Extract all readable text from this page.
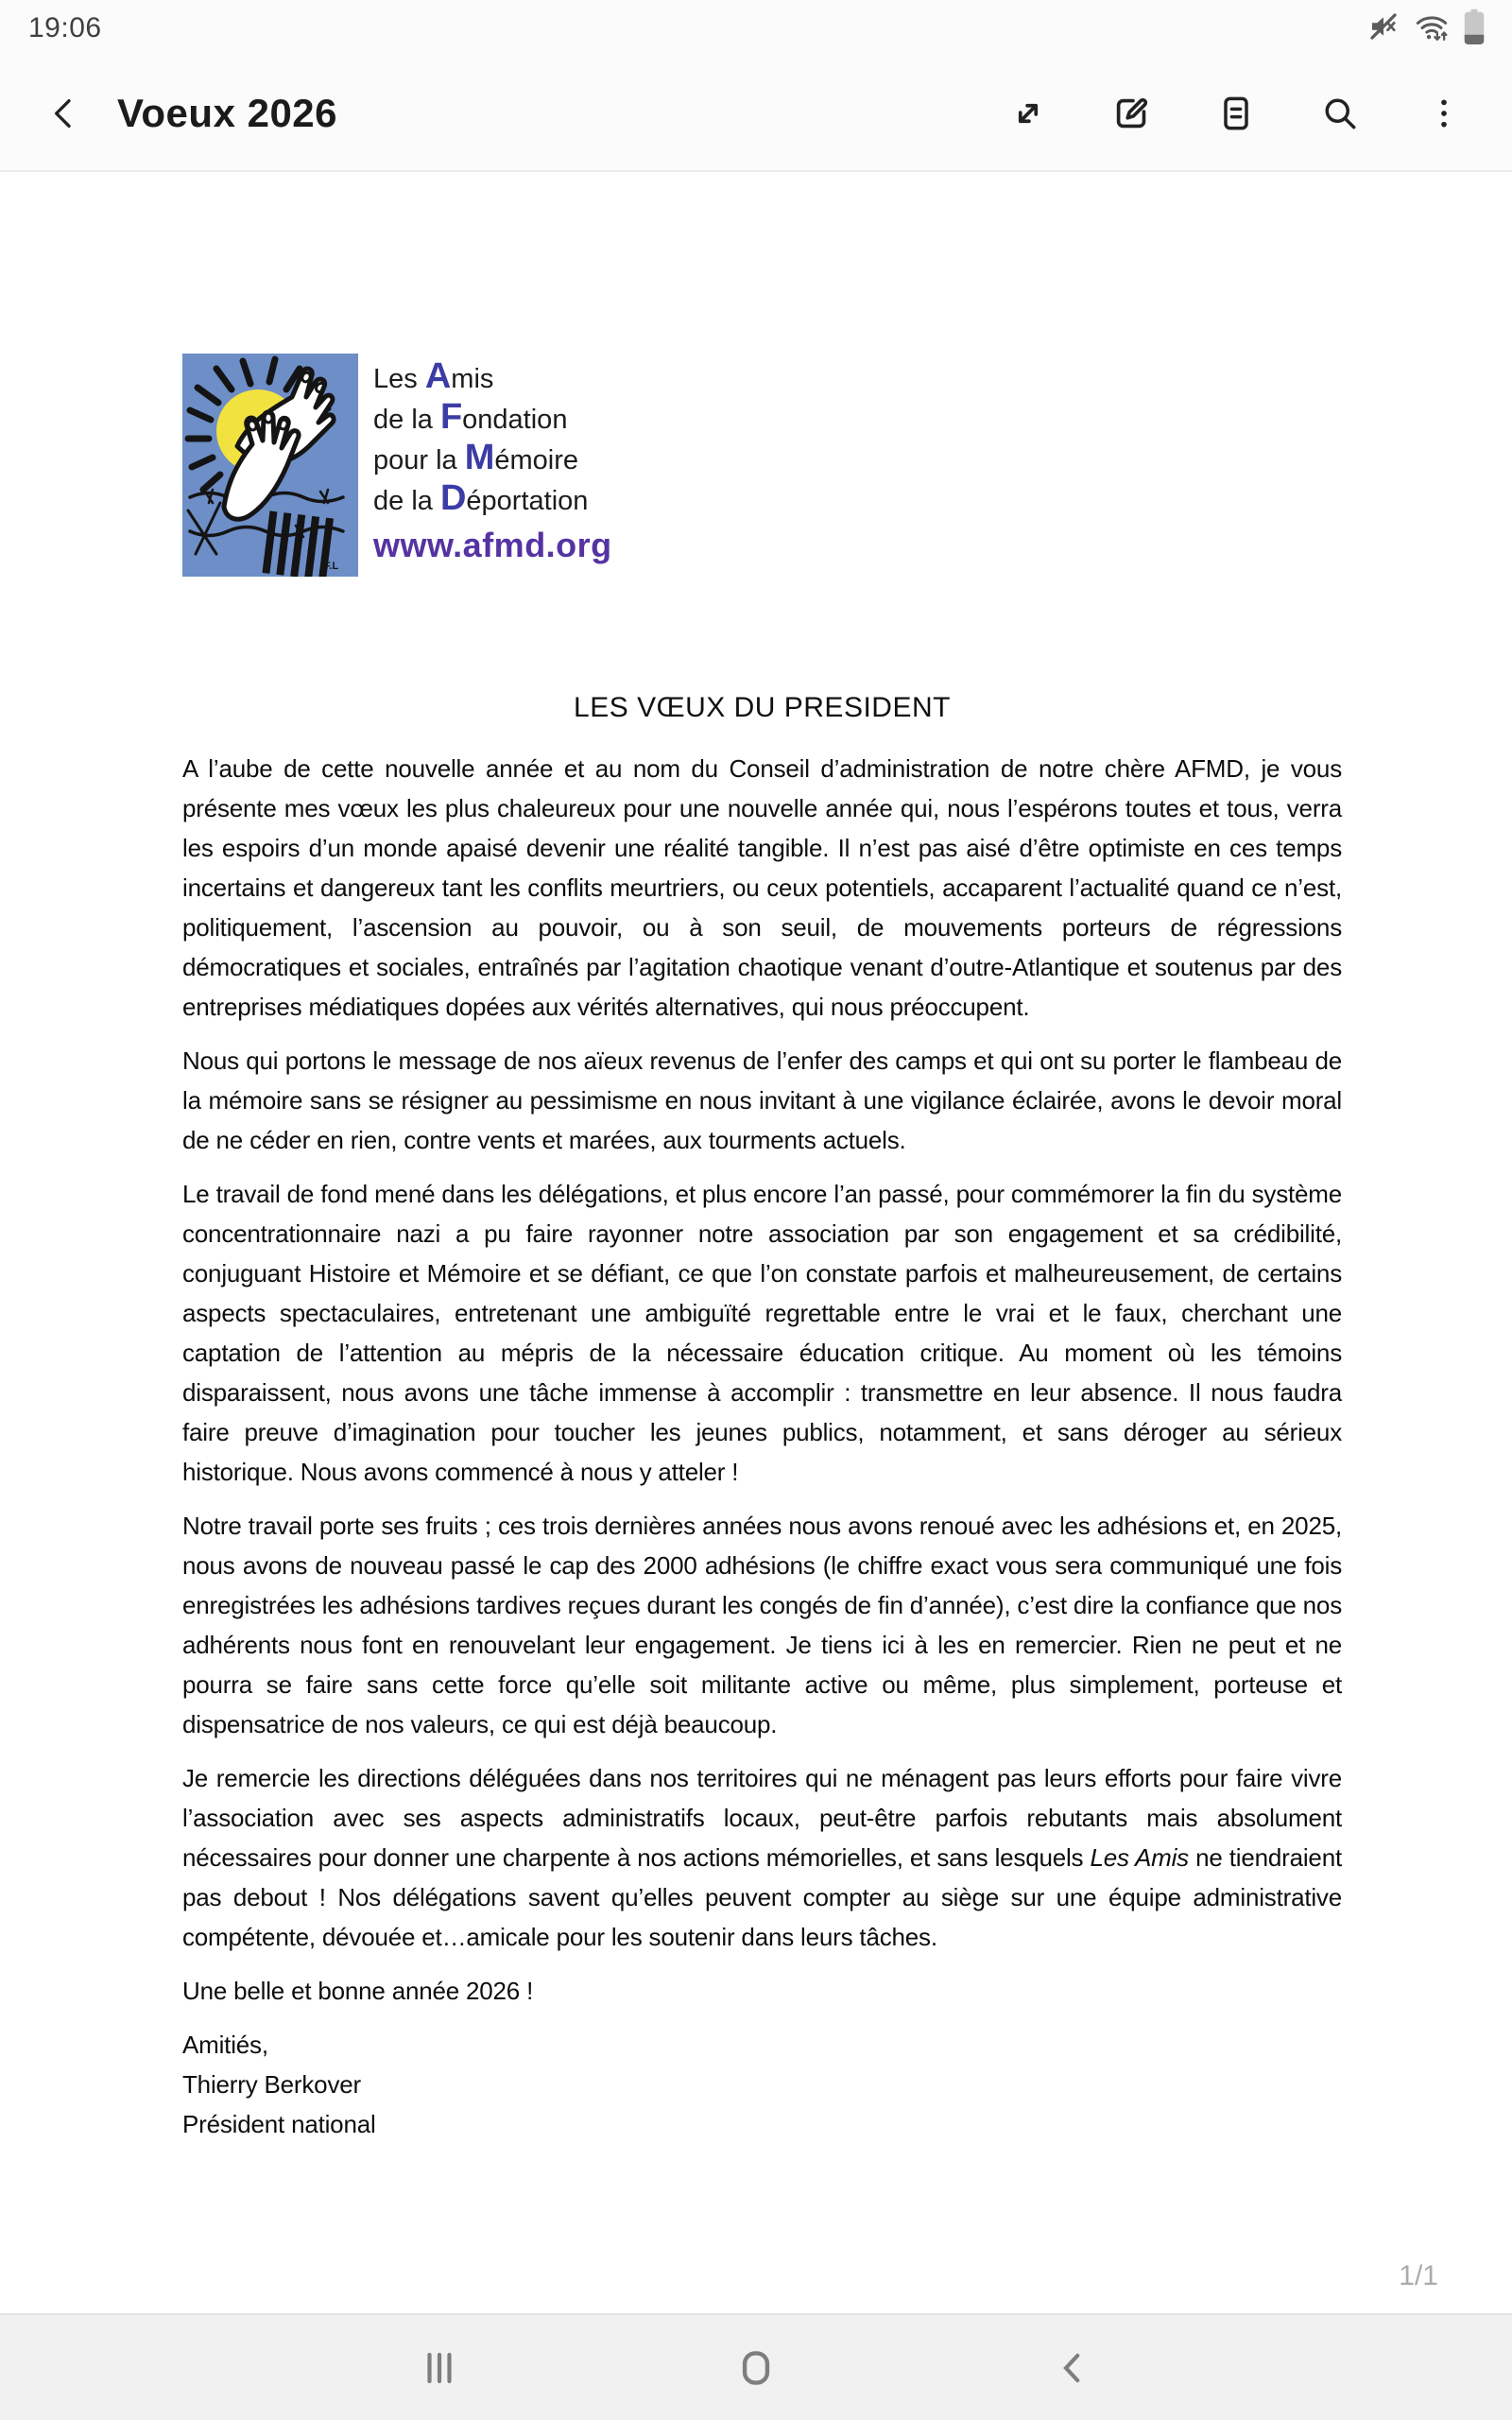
19:06
Voeux 2026
F.L
Les Amis
de la Fondation
pour la Mémoire
de la Déportation
www.afmd.org
LES VŒUX DU PRESIDENT

A l’aube de cette nouvelle année et au nom du Conseil d’administration de notre chère AFMD, je vous présente mes vœux les plus chaleureux pour une nouvelle année qui, nous l’espérons toutes et tous, verra les espoirs d’un monde apaisé devenir une réalité tangible. Il n’est pas aisé d’être optimiste en ces temps incertains et dangereux tant les conflits meurtriers, ou ceux potentiels, accaparent l’actualité quand ce n’est, politiquement, l’ascension au pouvoir, ou à son seuil, de mouvements porteurs de régressions démocratiques et sociales, entraînés par l’agitation chaotique venant d’outre-Atlantique et soutenus par des entreprises médiatiques dopées aux vérités alternatives, qui nous préoccupent.

Nous qui portons le message de nos aïeux revenus de l’enfer des camps et qui ont su porter le flambeau de la mémoire sans se résigner au pessimisme en nous invitant à une vigilance éclairée, avons le devoir moral de ne céder en rien, contre vents et marées, aux tourments actuels.

Le travail de fond mené dans les délégations, et plus encore l’an passé, pour commémorer la fin du système concentrationnaire nazi a pu faire rayonner notre association par son engagement et sa crédibilité, conjuguant Histoire et Mémoire et se défiant, ce que l’on constate parfois et malheureusement, de certains aspects spectaculaires, entretenant une ambiguïté regrettable entre le vrai et le faux, cherchant une captation de l’attention au mépris de la nécessaire éducation critique. Au moment où les témoins disparaissent, nous avons une tâche immense à accomplir : transmettre en leur absence. Il nous faudra faire preuve d’imagination pour toucher les jeunes publics, notamment, et sans déroger au sérieux historique. Nous avons commencé à nous y atteler !

Notre travail porte ses fruits ; ces trois dernières années nous avons renoué avec les adhésions et, en 2025, nous avons de nouveau passé le cap des 2000 adhésions (le chiffre exact vous sera communiqué une fois enregistrées les adhésions tardives reçues durant les congés de fin d’année), c’est dire la confiance que nos adhérents nous font en renouvelant leur engagement. Je tiens ici à les en remercier. Rien ne peut et ne pourra se faire sans cette force qu’elle soit militante active ou même, plus simplement, porteuse et dispensatrice de nos valeurs, ce qui est déjà beaucoup.

Je remercie les directions déléguées dans nos territoires qui ne ménagent pas leurs efforts pour faire vivre l’association avec ses aspects administratifs locaux, peut-être parfois rebutants mais absolument nécessaires pour donner une charpente à nos actions mémorielles, et sans lesquels Les Amis ne tiendraient pas debout ! Nos délégations savent qu’elles peuvent compter au siège sur une équipe administrative compétente, dévouée et…amicale pour les soutenir dans leurs tâches.

Une belle et bonne année 2026 !

Amitiés,

Thierry Berkover

Président national

1/1
